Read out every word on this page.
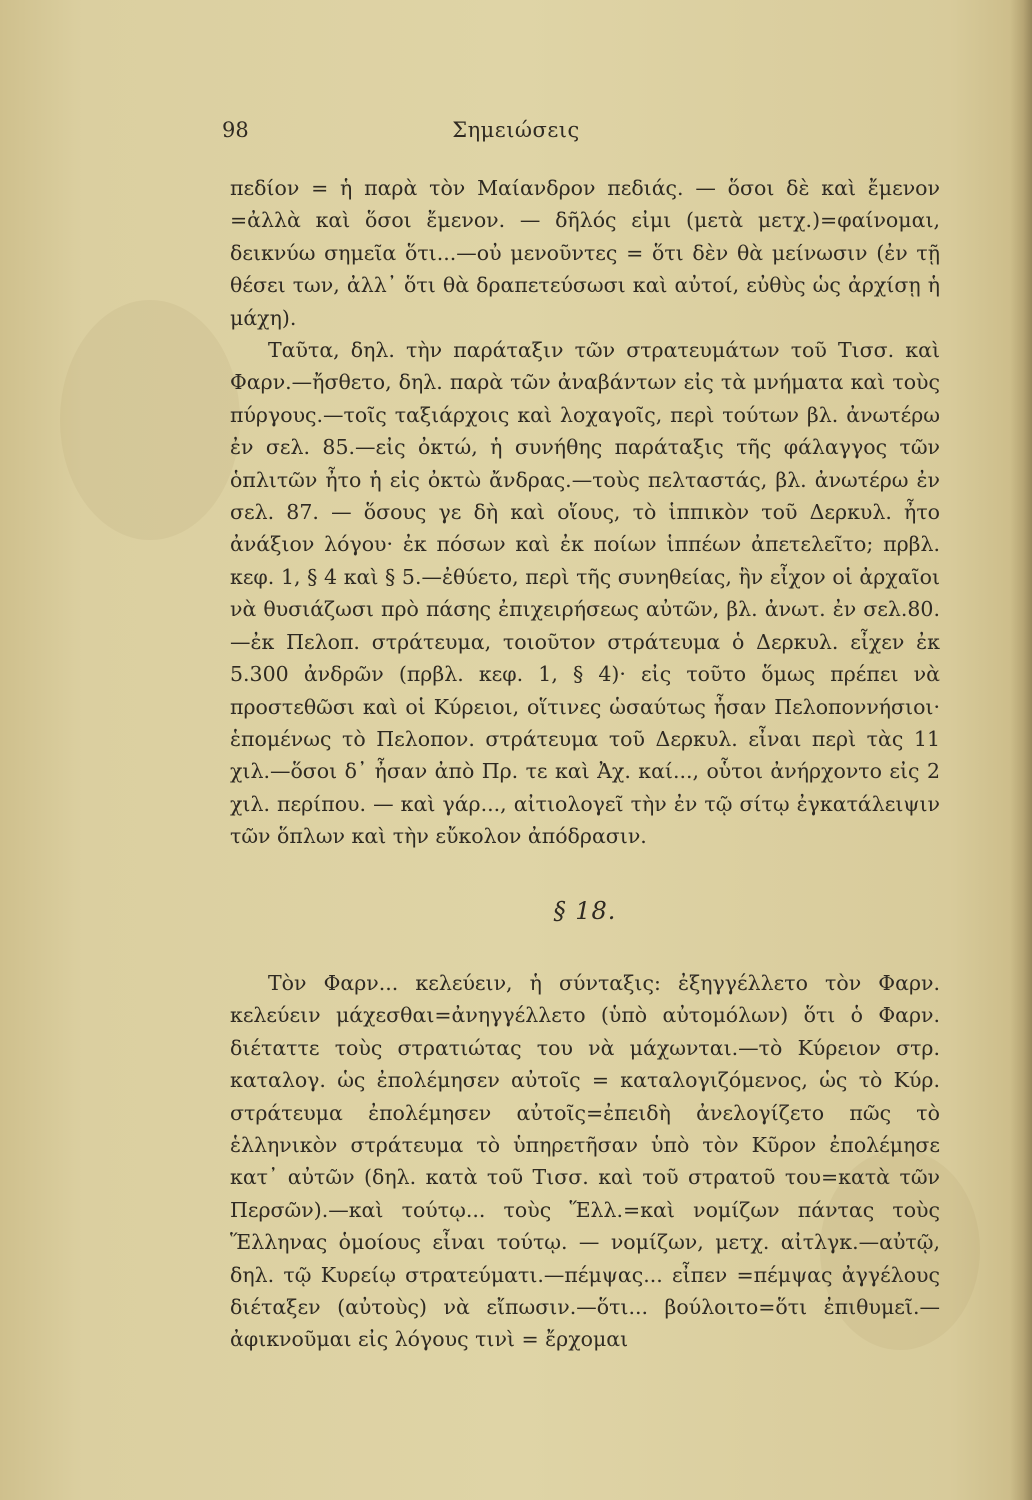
98	Σημειώσεις

πεδίον = ἡ παρὰ τὸν Μαίανδρον πεδιάς. — ὅσοι δὲ καὶ ἔμενον =ἀλλὰ καὶ ὅσοι ἔμενον. — δῆλός εἰμι (μετὰ μετχ.)=φαίνομαι, δεικνύω σημεῖα ὅτι...—οὐ μενοῦντες = ὅτι δὲν θὰ μείνωσιν (ἐν τῇ θέσει των, ἀλλ᾽ ὅτι θὰ δραπετεύσωσι καὶ αὐτοί, εὐθὺς ὡς ἀρχίσῃ ἡ μάχη).

Ταῦτα, δηλ. τὴν παράταξιν τῶν στρατευμάτων τοῦ Τισσ. καὶ Φαρν.—ἤσθετο, δηλ. παρὰ τῶν ἀναβάντων εἰς τὰ μνήματα καὶ τοὺς πύργους.—τοῖς ταξιάρχοις καὶ λοχαγοῖς, περὶ τούτων βλ. ἀνωτέρω ἐν σελ. 85.—εἰς ὀκτώ, ἡ συνήθης παράταξις τῆς φάλαγγος τῶν ὁπλιτῶν ἦτο ἡ εἰς ὀκτὼ ἄνδρας.—τοὺς πελταστάς, βλ. ἀνωτέρω ἐν σελ. 87. — ὅσους γε δὴ καὶ οἵους, τὸ ἱππικὸν τοῦ Δερκυλ. ἦτο ἀνάξιον λόγου· ἐκ πόσων καὶ ἐκ ποίων ἱππέων ἀπετελεῖτο; πρβλ. κεφ. 1, § 4 καὶ § 5.—ἐθύετο, περὶ τῆς συνηθείας, ἣν εἶχον οἱ ἀρχαῖοι νὰ θυσιάζωσι πρὸ πάσης ἐπιχειρήσεως αὐτῶν, βλ. ἀνωτ. ἐν σελ.80.—ἐκ Πελοπ. στράτευμα, τοιοῦτον στράτευμα ὁ Δερκυλ. εἶχεν ἐκ 5.300 ἀνδρῶν (πρβλ. κεφ. 1, § 4)· εἰς τοῦτο ὅμως πρέπει νὰ προστεθῶσι καὶ οἱ Κύρειοι, οἵτινες ὡσαύτως ἦσαν Πελοποννήσιοι· ἑπομένως τὸ Πελοπον. στράτευμα τοῦ Δερκυλ. εἶναι περὶ τὰς 11 χιλ.—ὅσοι δ᾽ ἦσαν ἀπὸ Πρ. τε καὶ Ἀχ. καί..., οὗτοι ἀνήρχοντο εἰς 2 χιλ. περίπου. — καὶ γάρ..., αἰτιολογεῖ τὴν ἐν τῷ σίτῳ ἐγκατάλειψιν τῶν ὅπλων καὶ τὴν εὔκολον ἀπόδρασιν.

§ 18.

Τὸν Φαρν... κελεύειν, ἡ σύνταξις: ἐξηγγέλλετο τὸν Φαρν. κελεύειν μάχεσθαι=ἀνηγγέλλετο (ὑπὸ αὐτομόλων) ὅτι ὁ Φαρν. διέταττε τοὺς στρατιώτας του νὰ μάχωνται.—τὸ Κύρειον στρ. καταλογ. ὡς ἐπολέμησεν αὐτοῖς = καταλογιζόμενος, ὡς τὸ Κύρ. στράτευμα ἐπολέμησεν αὐτοῖς=ἐπειδὴ ἀνελογίζετο πῶς τὸ ἑλληνικὸν στράτευμα τὸ ὑπηρετῆσαν ὑπὸ τὸν Κῦρον ἐπολέμησε κατ᾽ αὐτῶν (δηλ. κατὰ τοῦ Τισσ. καὶ τοῦ στρατοῦ του=κατὰ τῶν Περσῶν).—καὶ τούτῳ... τοὺς Ἕλλ.=καὶ νομίζων πάντας τοὺς Ἕλληνας ὁμοίους εἶναι τούτῳ. — νομίζων, μετχ. αἰτλγκ.—αὐτῷ, δηλ. τῷ Κυρείῳ στρατεύματι.—πέμψας... εἶπεν =πέμψας ἀγγέλους διέταξεν (αὐτοὺς) νὰ εἴπωσιν.—ὅτι... βούλοιτο=ὅτι ἐπιθυμεῖ.—ἀφικνοῦμαι εἰς λόγους τινὶ = ἔρχομαι
